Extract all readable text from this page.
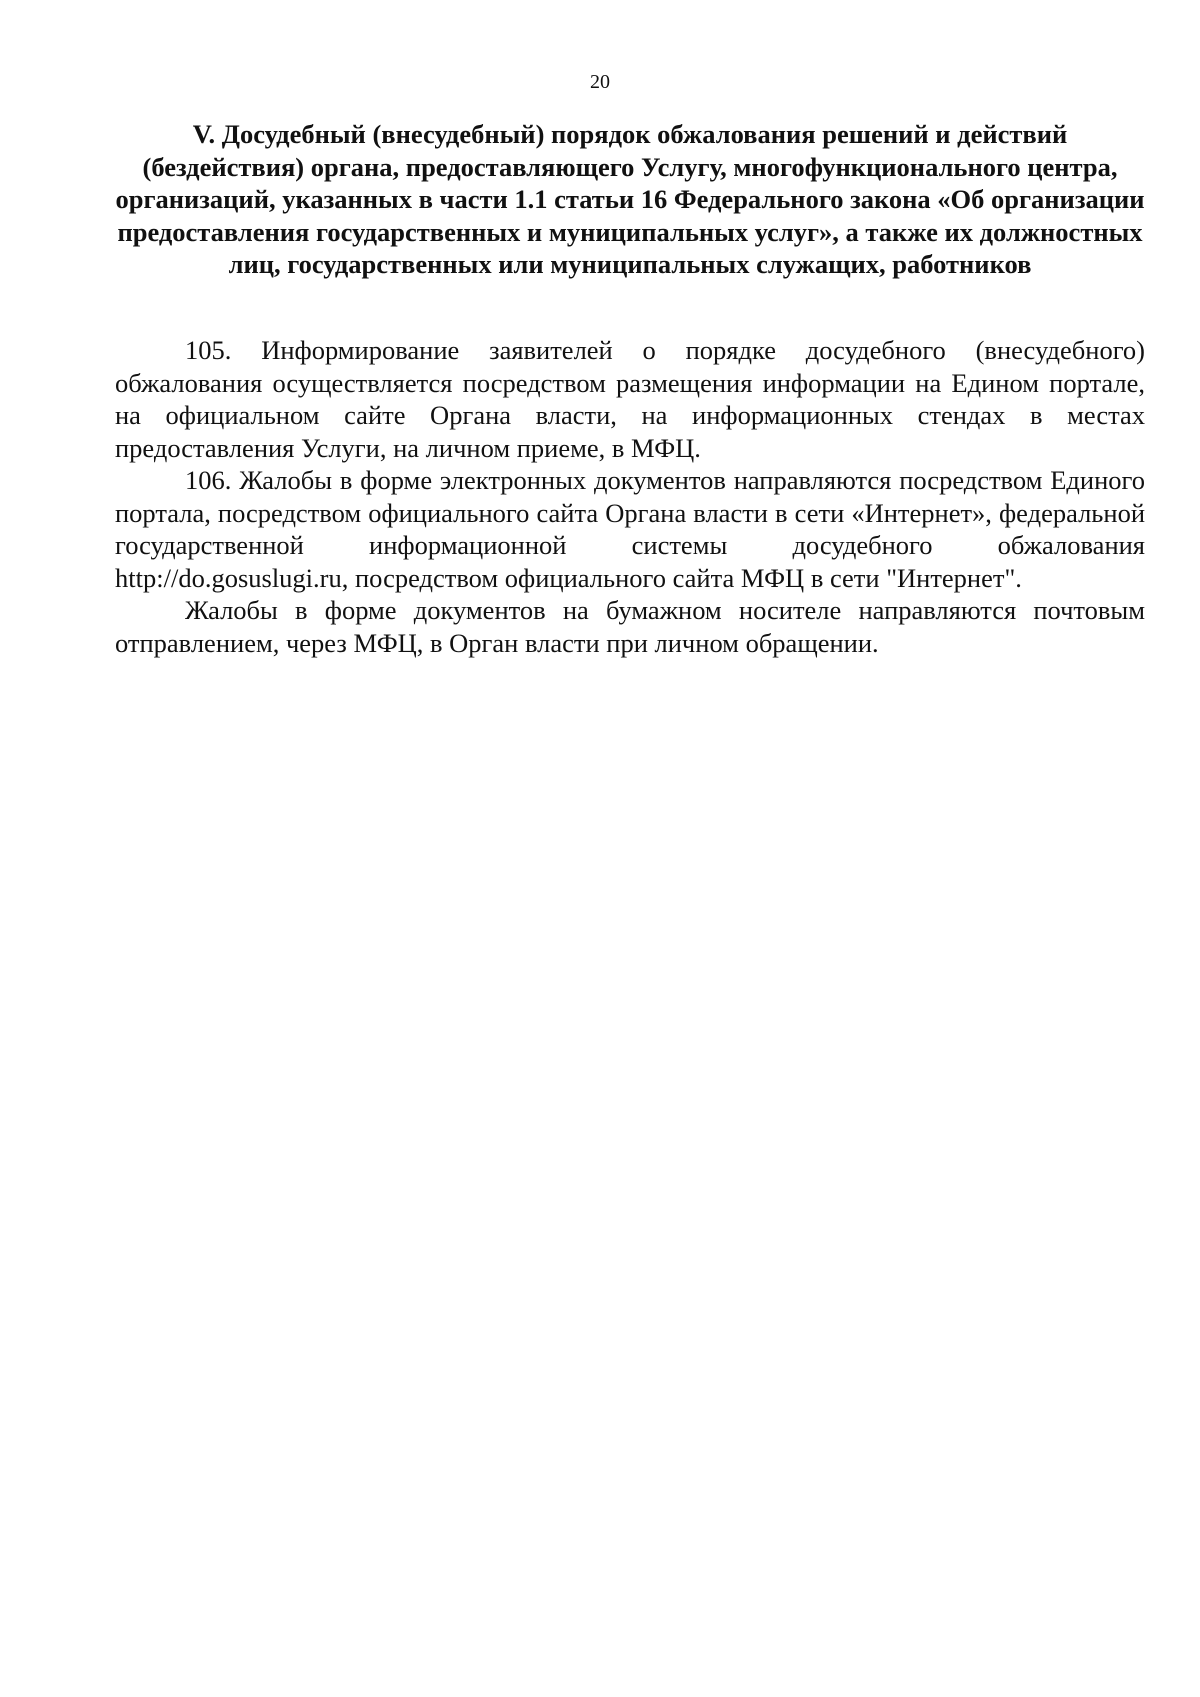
20
V. Досудебный (внесудебный) порядок обжалования решений и действий (бездействия) органа, предоставляющего Услугу, многофункционального центра, организаций, указанных в части 1.1 статьи 16 Федерального закона «Об организации предоставления государственных и муниципальных услуг», а также их должностных лиц, государственных или муниципальных служащих, работников

105. Информирование заявителей о порядке досудебного (внесудебного) обжалования осуществляется посредством размещения информации на Едином портале, на официальном сайте Органа власти, на информационных стендах в местах предоставления Услуги, на личном приеме, в МФЦ.

106. Жалобы в форме электронных документов направляются посредством Единого портала, посредством официального сайта Органа власти в сети «Интернет», федеральной государственной информационной системы досудебного обжалования http://do.gosuslugi.ru, посредством официального сайта МФЦ в сети "Интернет".

Жалобы в форме документов на бумажном носителе направляются почтовым отправлением, через МФЦ, в Орган власти при личном обращении.
